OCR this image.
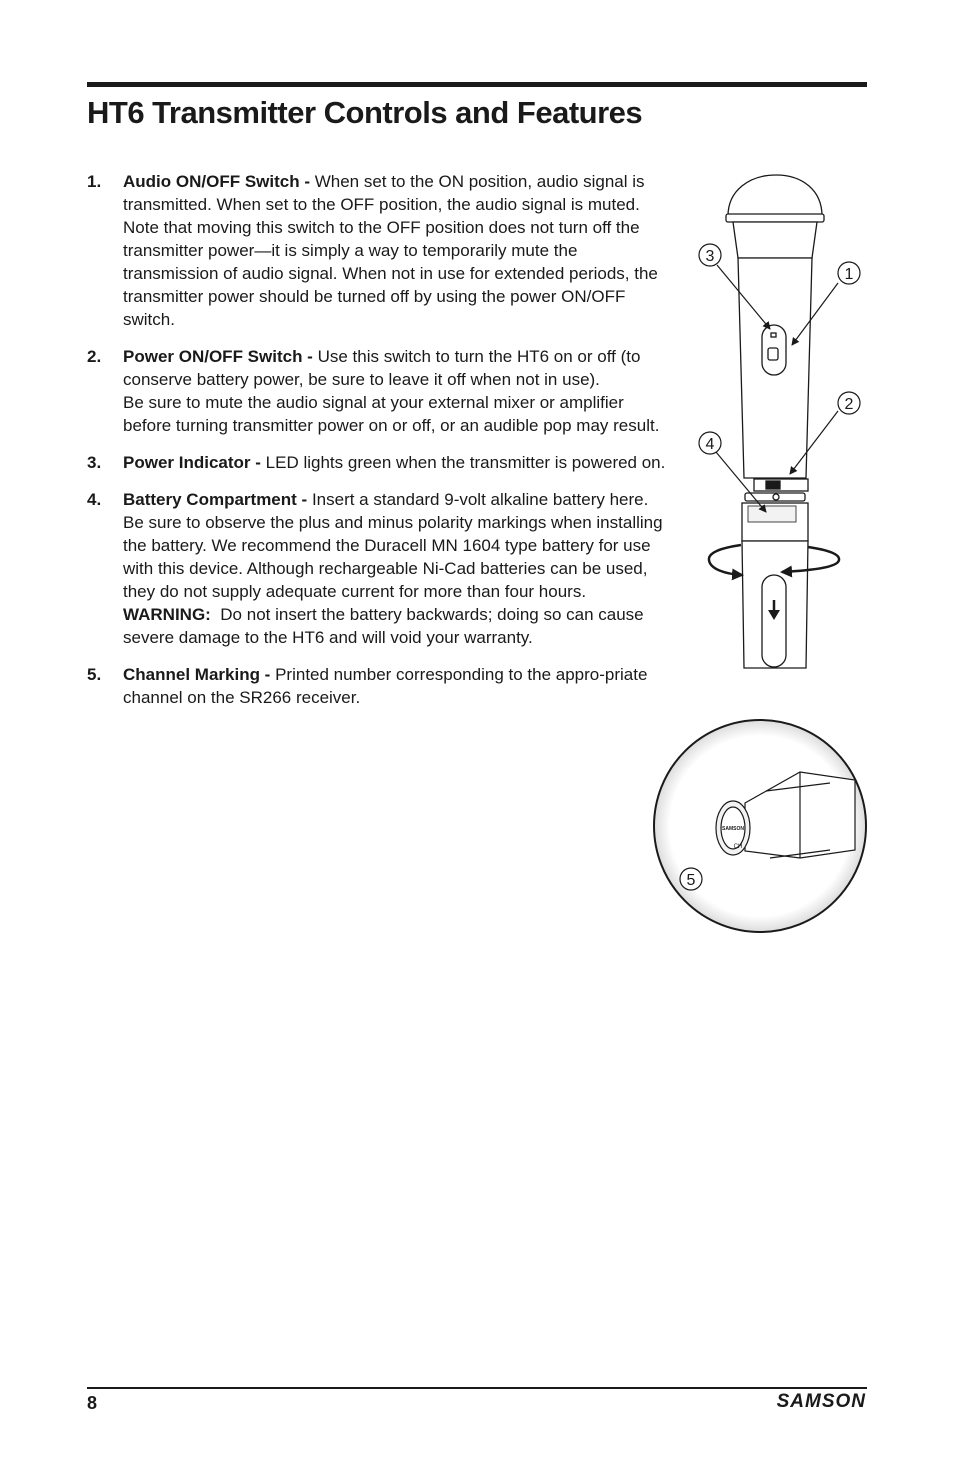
HT6 Transmitter Controls and Features
1. Audio ON/OFF Switch - When set to the ON position, audio signal is transmitted. When set to the OFF position, the audio signal is muted. Note that moving this switch to the OFF position does not turn off the transmitter power—it is simply a way to temporarily mute the transmission of audio signal. When not in use for extended periods, the transmitter power should be turned off by using the power ON/OFF switch.
2. Power ON/OFF Switch - Use this switch to turn the HT6 on or off (to conserve battery power, be sure to leave it off when not in use).
Be sure to mute the audio signal at your external mixer or amplifier before turning transmitter power on or off, or an audible pop may result.
3. Power Indicator - LED lights green when the transmitter is powered on.
4. Battery Compartment - Insert a standard 9-volt alkaline battery here. Be sure to observe the plus and minus polarity markings when installing the battery. We recommend the Duracell MN 1604 type battery for use with this device. Although rechargeable Ni-Cad batteries can be used, they do not supply adequate current for more than four hours.
WARNING: Do not insert the battery backwards; doing so can cause severe damage to the HT6 and will void your warranty.
5. Channel Marking - Printed number corresponding to the appro-priate channel on the SR266 receiver.
3
1
2
4
SAMSON
CH
5
8	SAMSON
